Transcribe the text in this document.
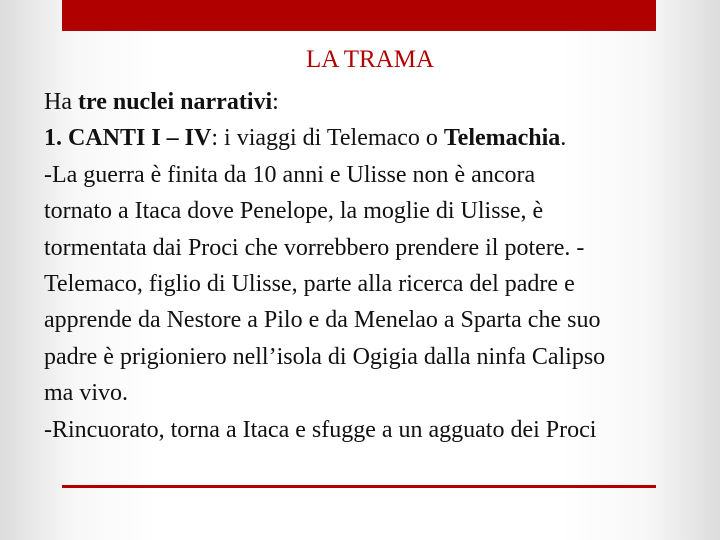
LA TRAMA
Ha tre nuclei narrativi:
1. CANTI I – IV: i viaggi di Telemaco o Telemachia.
-La guerra è finita da 10 anni e Ulisse non è ancora
tornato a Itaca dove Penelope, la moglie di Ulisse, è
tormentata dai Proci che vorrebbero prendere il potere. -
Telemaco, figlio di Ulisse, parte alla ricerca del padre e
apprende da Nestore a Pilo e da Menelao a Sparta che suo
padre è prigioniero nell’isola di Ogigia dalla ninfa Calipso
ma vivo.
-Rincuorato, torna a Itaca e sfugge a un agguato dei Proci
